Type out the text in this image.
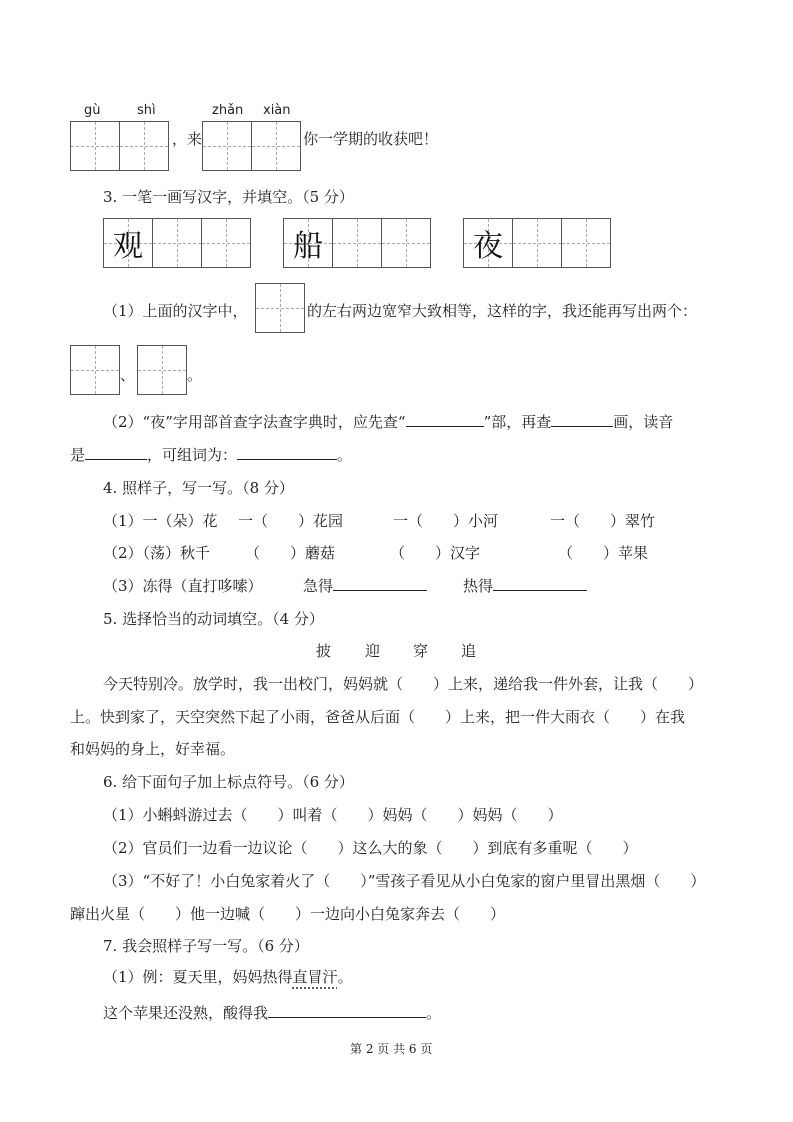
gù	shì	zhǎn xiàn
，来	你一学期的收获吧！
3. 一笔一画写汉字，并填空。（5 分）
观	船	夜
（1）上面的汉字中，	的左右两边宽窄大致相等，这样的字，我还能再写出两个：
、	。
（2）“夜”字用部首查字法查字典时，应先查“	”部，再查	画，读音
是	，可组词为：	。
4. 照样子，写一写。（8 分）
（1）一（朵）花 一（　　）花园	一（　　）小河	一（　　）翠竹
（2）（荡）秋千 （　　）蘑菇	（　　）汉字	（　　）苹果
（3）冻得（直打哆嗦）	急得	热得
5. 选择恰当的动词填空。（4 分）
披 迎 穿 追
今天特别冷。放学时，我一出校门，妈妈就（　　）上来，递给我一件外套，让我（　　）
上。快到家了，天空突然下起了小雨，爸爸从后面（　　）上来，把一件大雨衣（　　）在我
和妈妈的身上，好幸福。
6. 给下面句子加上标点符号。（6 分）
（1）小蝌蚪游过去（　　）叫着（　　）妈妈（　　）妈妈（　　）
（2）官员们一边看一边议论（　　）这么大的象（　　）到底有多重呢（　　）
（3）“不好了！小白兔家着火了（　　）”雪孩子看见从小白兔家的窗户里冒出黑烟（　　）
蹿出火星（　　）他一边喊（　　）一边向小白兔家奔去（　　）
7. 我会照样子写一写。（6 分）
（1）例：夏天里，妈妈热得直冒汗。
这个苹果还没熟，酸得我	。
第 2 页 共 6 页
